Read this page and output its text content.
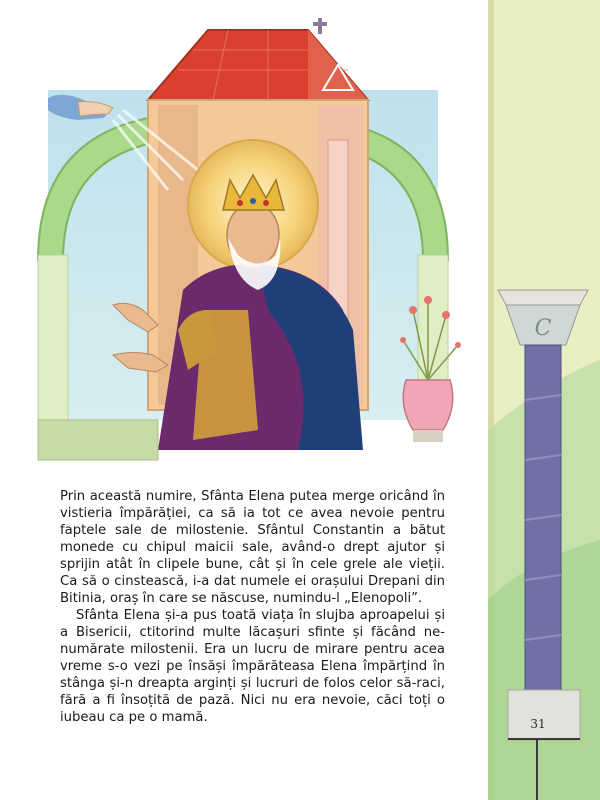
C
31

Prin această numire, Sfânta Elena putea merge oricând în vistieria împărăției, ca să ia tot ce avea nevoie pentru faptele sale de milostenie. Sfântul Constantin a bătut monede cu chipul maicii sale, având-o drept ajutor și sprijin atât în clipele bune, cât și în cele grele ale vieții. Ca să o cinstească, i-a dat numele ei orașului Drepani din Bitinia, oraș în care se născuse, numindu-l „Elenopoli”.

Sfânta Elena și-a pus toată viața în slujba aproapelui și a Bisericii, ctitorind multe lăcașuri sfinte și făcând ne-numărate milostenii. Era un lucru de mirare pentru acea vreme s-o vezi pe însăși împărăteasa Elena împărțind în stânga și-n dreapta arginți și lucruri de folos celor să-raci, fără a fi însoțită de pază. Nici nu era nevoie, căci toți o iubeau ca pe o mamă.
